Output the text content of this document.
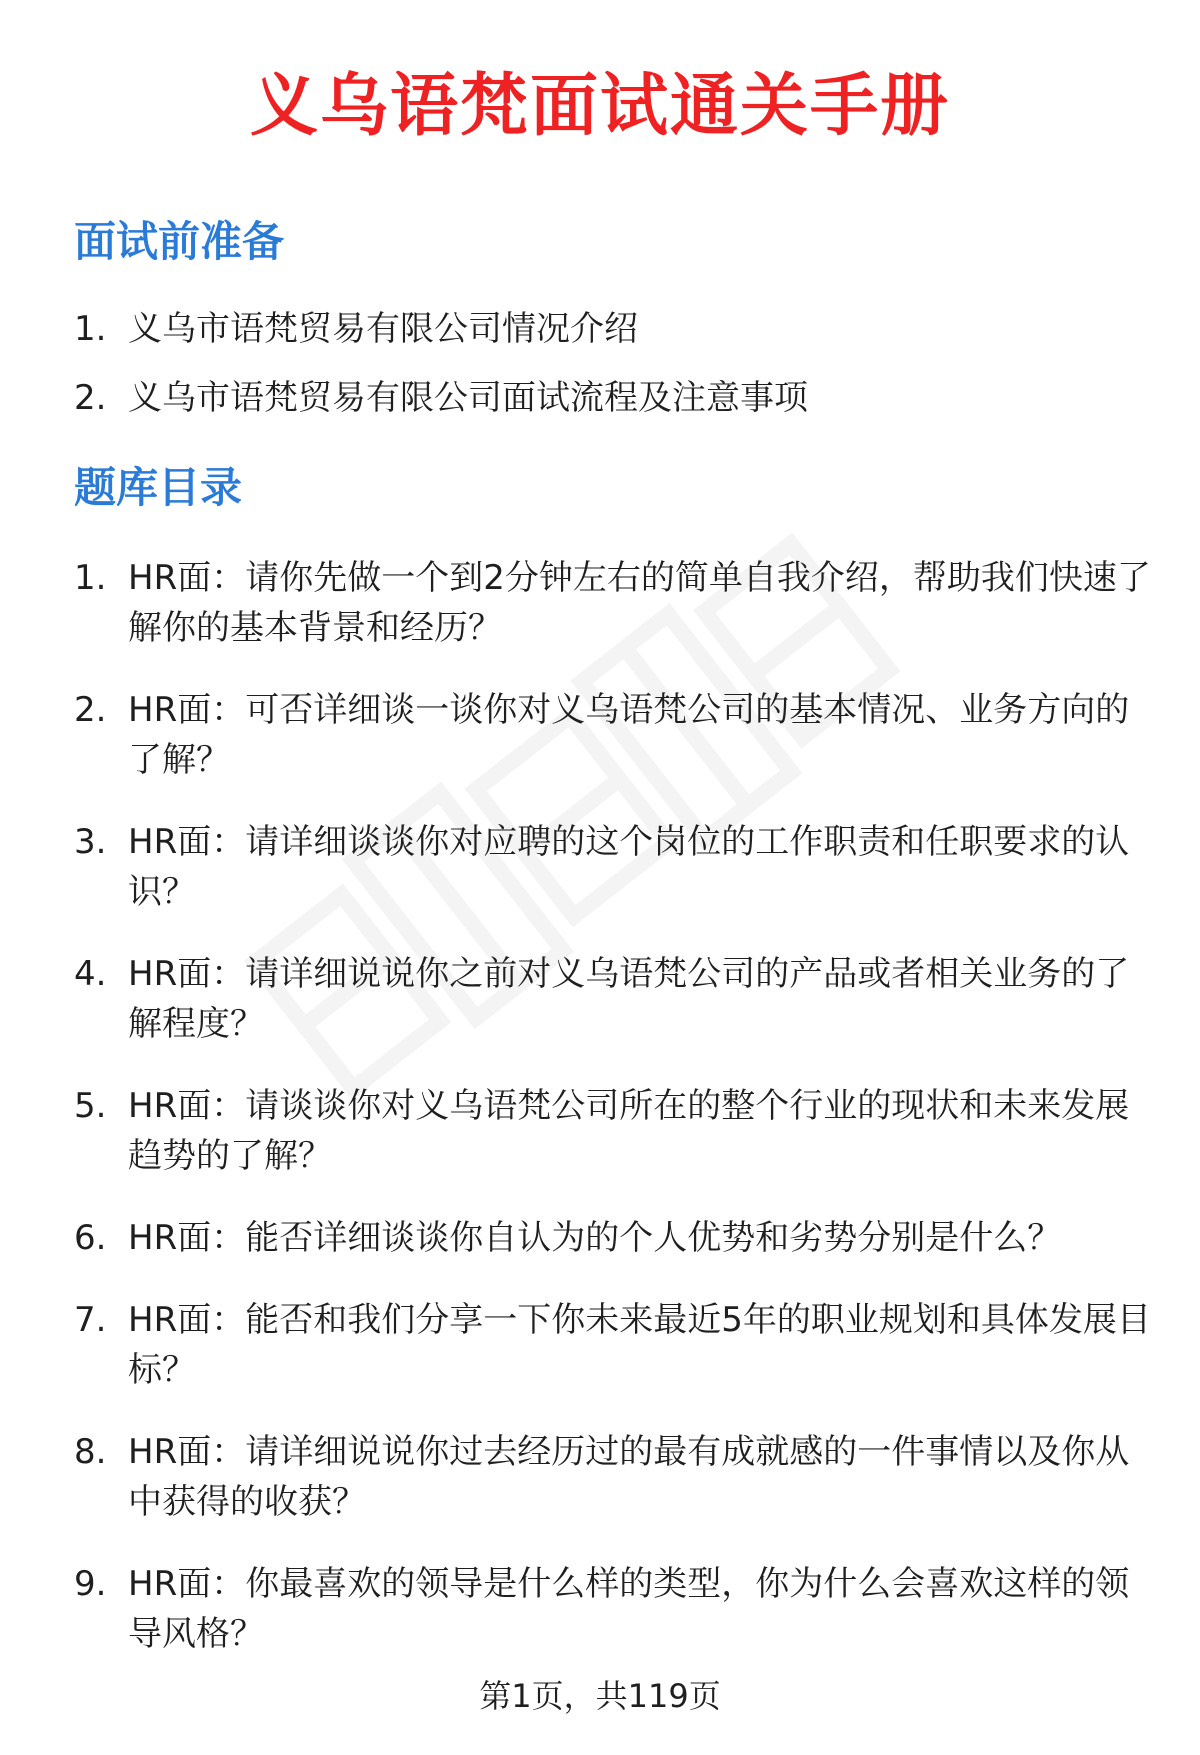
义乌语梵面试通关手册
面试前准备
1. 义乌市语梵贸易有限公司情况介绍
2. 义乌市语梵贸易有限公司面试流程及注意事项
题库目录
1. HR面：请你先做一个到2分钟左右的简单自我介绍，帮助我们快速了解你的基本背景和经历？
2. HR面：可否详细谈一谈你对义乌语梵公司的基本情况、业务方向的了解？
3. HR面：请详细谈谈你对应聘的这个岗位的工作职责和任职要求的认识？
4. HR面：请详细说说你之前对义乌语梵公司的产品或者相关业务的了解程度？
5. HR面：请谈谈你对义乌语梵公司所在的整个行业的现状和未来发展趋势的了解？
6. HR面：能否详细谈谈你自认为的个人优势和劣势分别是什么？
7. HR面：能否和我们分享一下你未来最近5年的职业规划和具体发展目标？
8. HR面：请详细说说你过去经历过的最有成就感的一件事情以及你从中获得的收获？
9. HR面：你最喜欢的领导是什么样的类型，你为什么会喜欢这样的领导风格？
第1页，共119页
